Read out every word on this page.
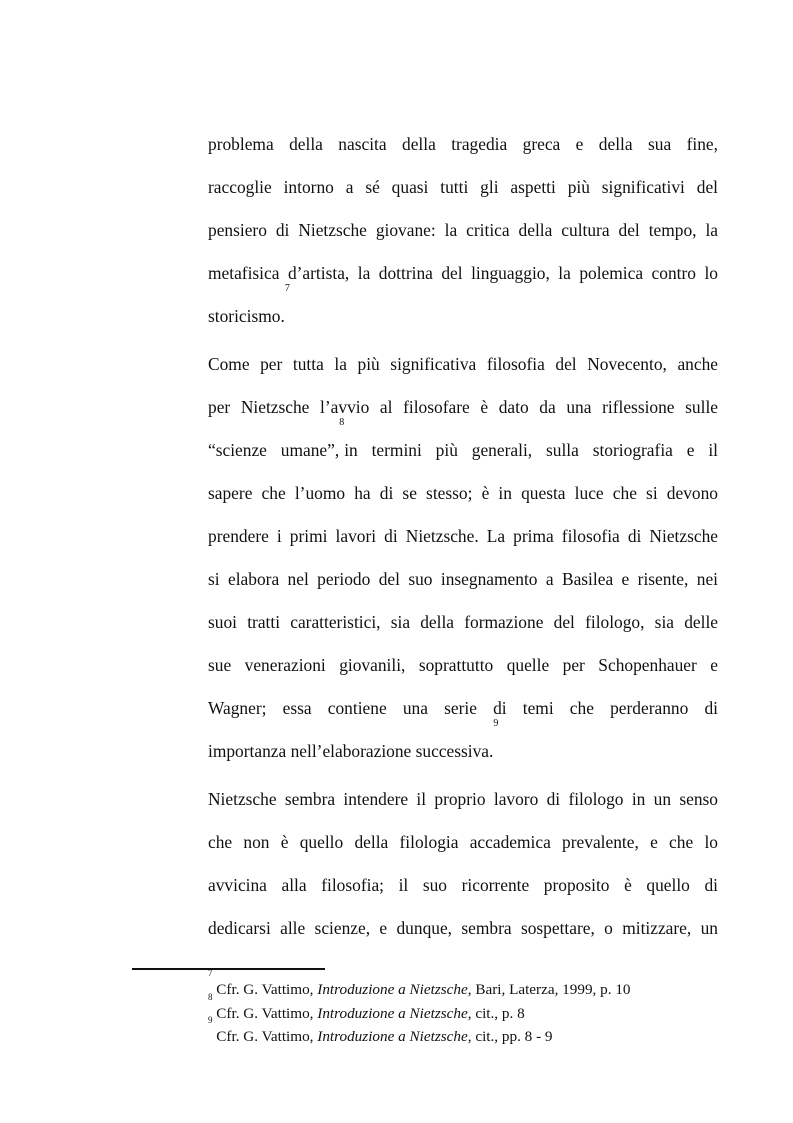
problema della nascita della tragedia greca e della sua fine,
raccoglie intorno a sé quasi tutti gli aspetti più significativi del
pensiero di Nietzsche giovane: la critica della cultura del tempo, la
metafisica d’artista, la dottrina del linguaggio, la polemica contro lo
storicismo.$^7$
Come per tutta la più significativa filosofia del Novecento, anche
per Nietzsche l’avvio al filosofare è dato da una riflessione sulle
“scienze umane”,$^8$in termini più generali, sulla storiografia e il
sapere che l’uomo ha di se stesso; è in questa luce che si devono
prendere i primi lavori di Nietzsche. La prima filosofia di Nietzsche
si elabora nel periodo del suo insegnamento a Basilea e risente, nei
suoi tratti caratteristici, sia della formazione del filologo, sia delle
sue venerazioni giovanili, soprattutto quelle per Schopenhauer e
Wagner; essa contiene una serie di temi che perderanno di
importanza nell’elaborazione successiva.$^9$
Nietzsche sembra intendere il proprio lavoro di filologo in un senso
che non è quello della filologia accademica prevalente, e che lo
avvicina alla filosofia; il suo ricorrente proposito è quello di
dedicarsi alle scienze, e dunque, sembra sospettare, o mitizzare, un
$^7$ Cfr. G. Vattimo, Introduzione a Nietzsche, Bari, Laterza, 1999, p. 10
$^8$ Cfr. G. Vattimo, Introduzione a Nietzsche, cit., p. 8
$^9$ Cfr. G. Vattimo, Introduzione a Nietzsche, cit., pp. 8 - 9
